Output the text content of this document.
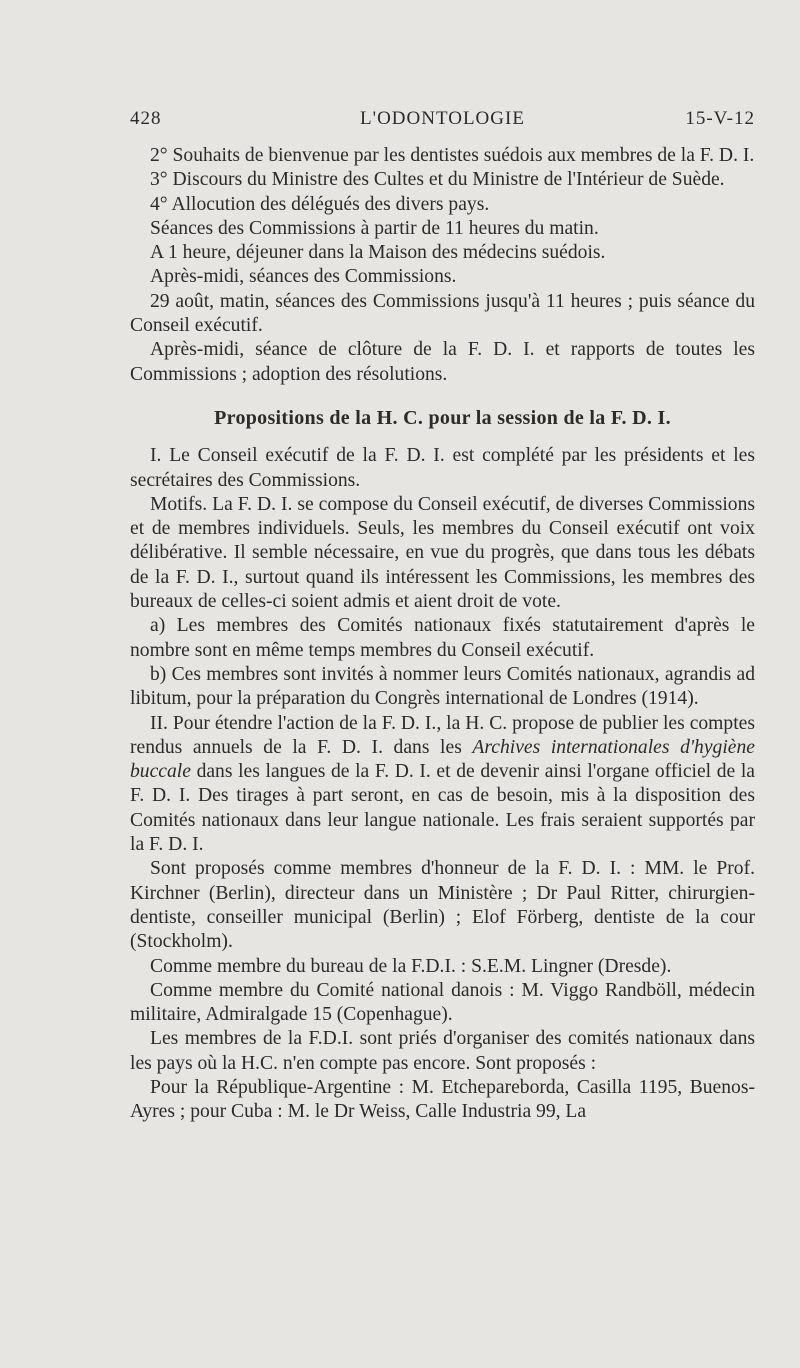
428	L'ODONTOLOGIE	15-V-12

2° Souhaits de bienvenue par les dentistes suédois aux membres de la F. D. I.

3° Discours du Ministre des Cultes et du Ministre de l'Intérieur de Suède.

4° Allocution des délégués des divers pays.

Séances des Commissions à partir de 11 heures du matin.

A 1 heure, déjeuner dans la Maison des médecins suédois.

Après-midi, séances des Commissions.

29 août, matin, séances des Commissions jusqu'à 11 heures ; puis séance du Conseil exécutif.

Après-midi, séance de clôture de la F. D. I. et rapports de toutes les Commissions ; adoption des résolutions.

Propositions de la H. C. pour la session de la F. D. I.

I. Le Conseil exécutif de la F. D. I. est complété par les présidents et les secrétaires des Commissions.

Motifs. La F. D. I. se compose du Conseil exécutif, de diverses Commissions et de membres individuels. Seuls, les membres du Conseil exécutif ont voix délibérative. Il semble nécessaire, en vue du progrès, que dans tous les débats de la F. D. I., surtout quand ils intéressent les Commissions, les membres des bureaux de celles-ci soient admis et aient droit de vote.

a) Les membres des Comités nationaux fixés statutairement d'après le nombre sont en même temps membres du Conseil exécutif.

b) Ces membres sont invités à nommer leurs Comités nationaux, agrandis ad libitum, pour la préparation du Congrès international de Londres (1914).

II. Pour étendre l'action de la F. D. I., la H. C. propose de publier les comptes rendus annuels de la F. D. I. dans les Archives internationales d'hygiène buccale dans les langues de la F. D. I. et de devenir ainsi l'organe officiel de la F. D. I. Des tirages à part seront, en cas de besoin, mis à la disposition des Comités nationaux dans leur langue nationale. Les frais seraient supportés par la F. D. I.

Sont proposés comme membres d'honneur de la F. D. I. : MM. le Prof. Kirchner (Berlin), directeur dans un Ministère ; Dr Paul Ritter, chirurgien-dentiste, conseiller municipal (Berlin) ; Elof Förberg, dentiste de la cour (Stockholm).

Comme membre du bureau de la F.D.I. : S.E.M. Lingner (Dresde).

Comme membre du Comité national danois : M. Viggo Randböll, médecin militaire, Admiralgade 15 (Copenhague).

Les membres de la F.D.I. sont priés d'organiser des comités nationaux dans les pays où la H.C. n'en compte pas encore. Sont proposés :

Pour la République-Argentine : M. Etchepareborda, Casilla 1195, Buenos-Ayres ; pour Cuba : M. le Dr Weiss, Calle Industria 99, La
